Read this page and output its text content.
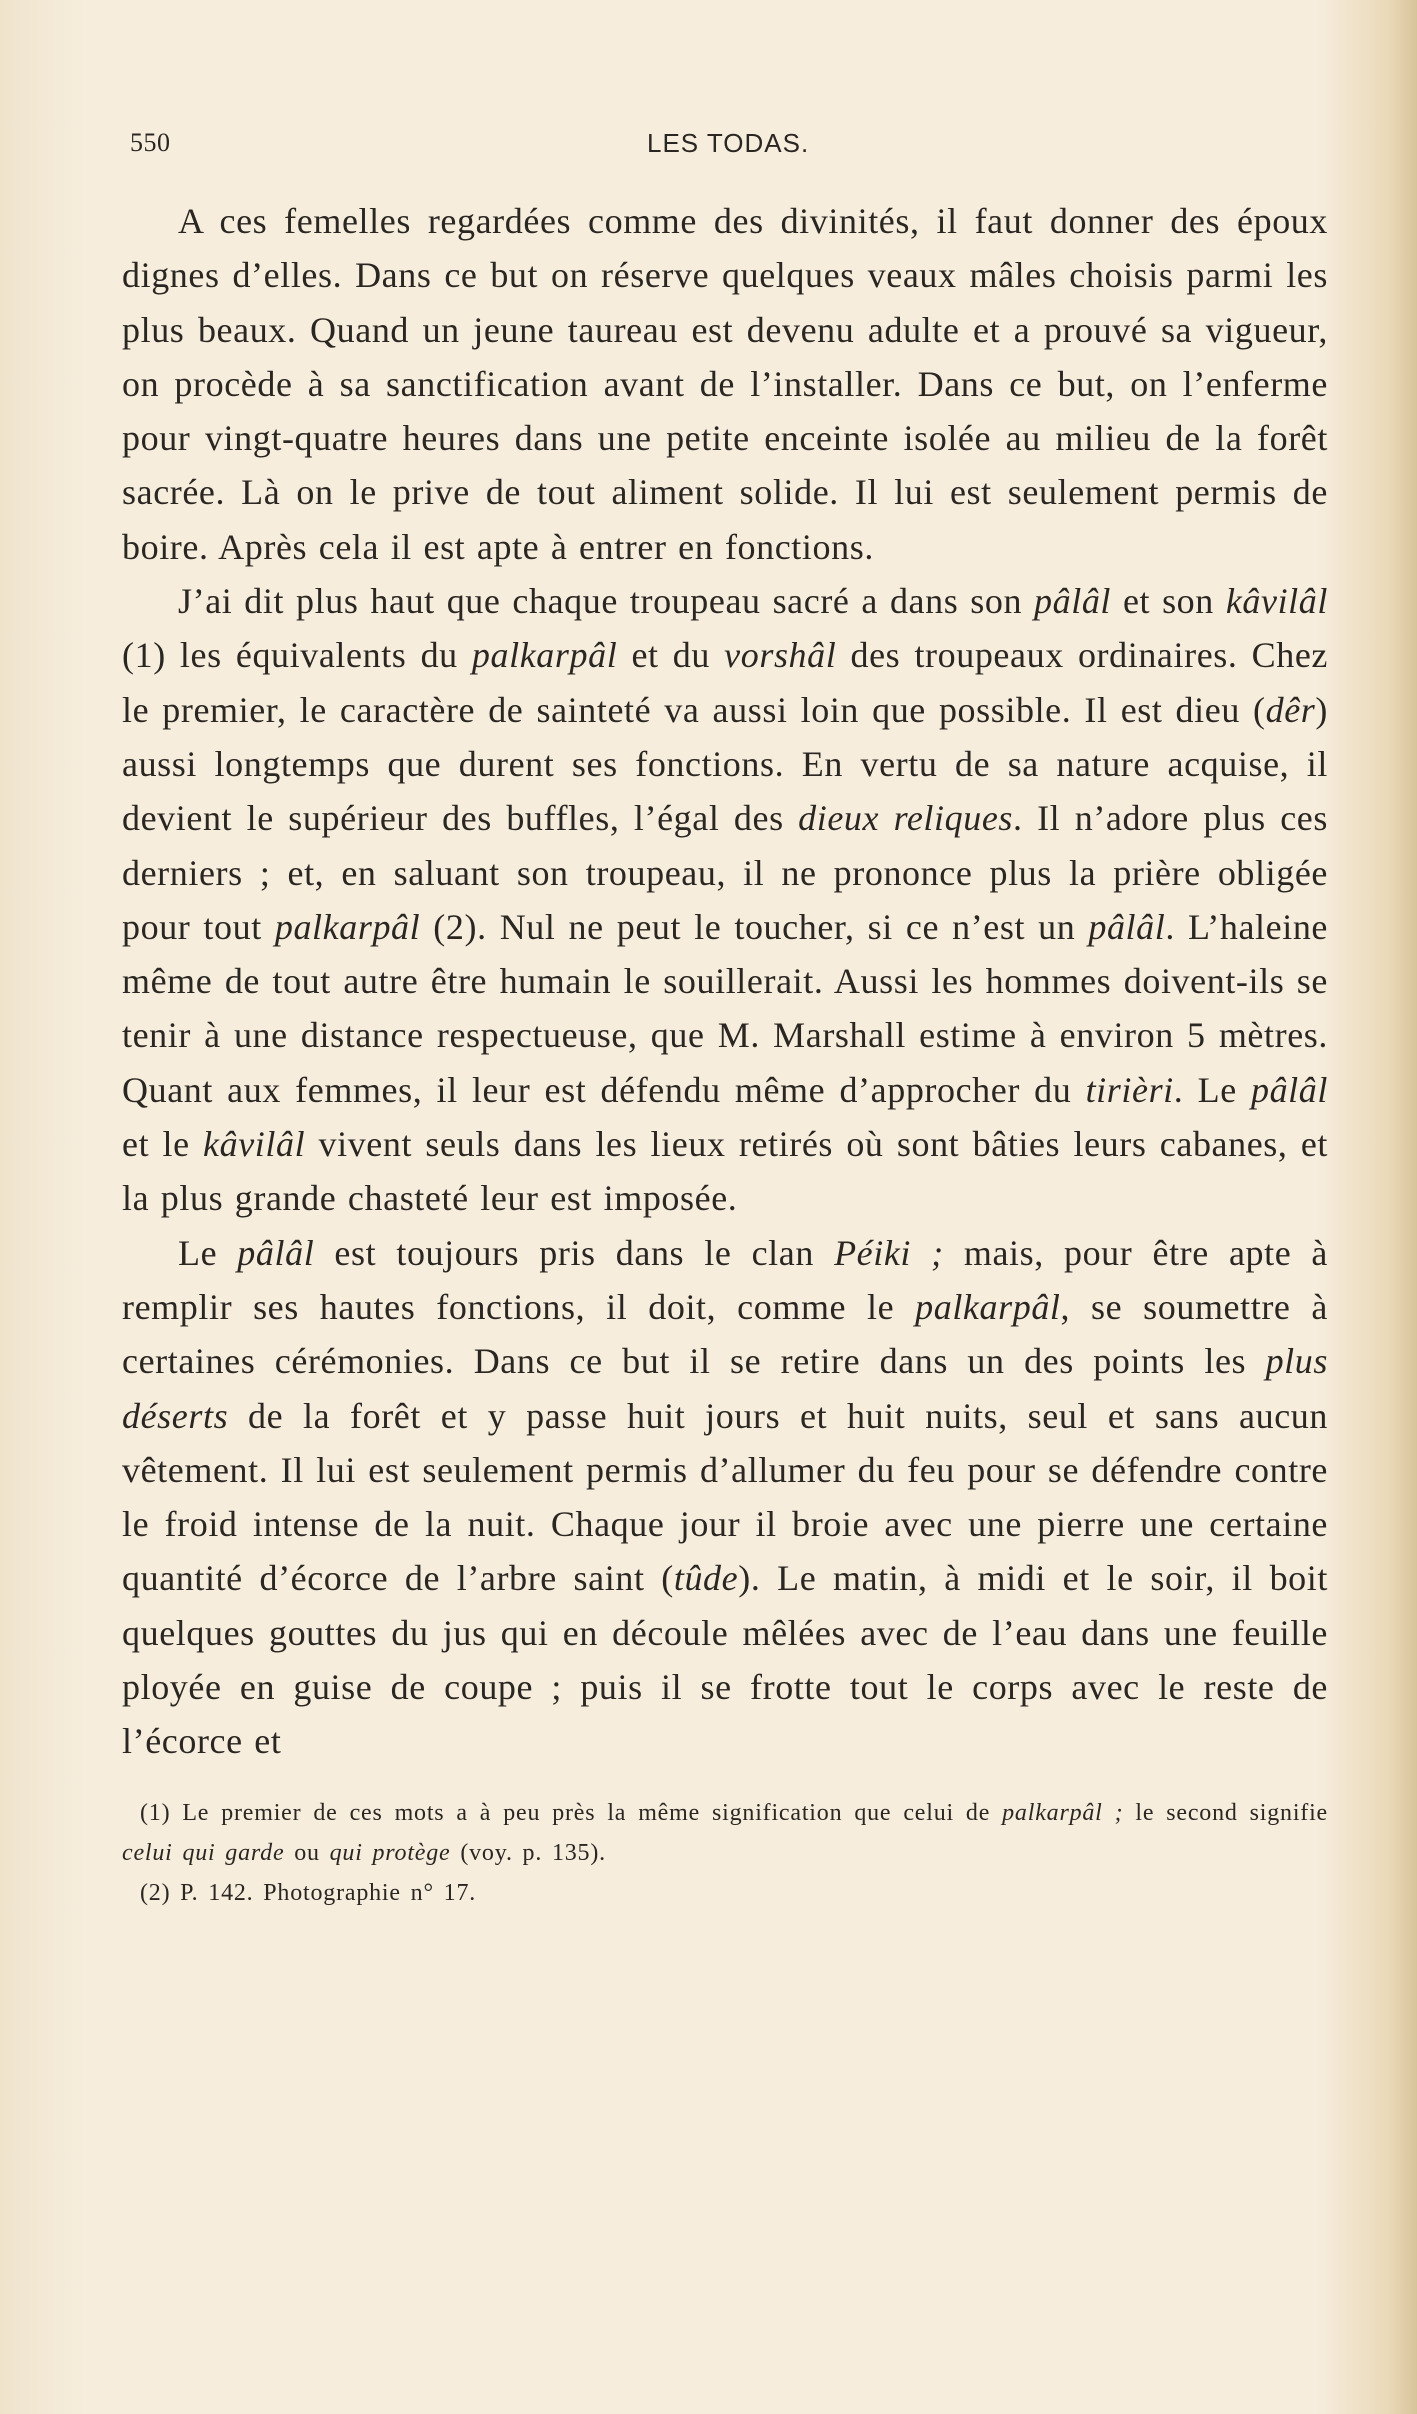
550	LES TODAS.

A ces femelles regardées comme des divinités, il faut donner des époux dignes d’elles. Dans ce but on réserve quelques veaux mâles choisis parmi les plus beaux. Quand un jeune taureau est devenu adulte et a prouvé sa vigueur, on procède à sa sanctification avant de l’installer. Dans ce but, on l’enferme pour vingt-quatre heures dans une petite enceinte isolée au milieu de la forêt sacrée. Là on le prive de tout aliment solide. Il lui est seulement permis de boire. Après cela il est apte à entrer en fonctions.

J’ai dit plus haut que chaque troupeau sacré a dans son pâlâl et son kâvilâl (1) les équivalents du palkarpâl et du vorshâl des troupeaux ordinaires. Chez le premier, le caractère de sainteté va aussi loin que possible. Il est dieu (dêr) aussi longtemps que durent ses fonctions. En vertu de sa nature acquise, il devient le supérieur des buffles, l’égal des dieux reliques. Il n’adore plus ces derniers ; et, en saluant son troupeau, il ne prononce plus la prière obligée pour tout palkarpâl (2). Nul ne peut le toucher, si ce n’est un pâlâl. L’haleine même de tout autre être humain le souillerait. Aussi les hommes doivent-ils se tenir à une distance respectueuse, que M. Marshall estime à environ 5 mètres. Quant aux femmes, il leur est défendu même d’approcher du tirièri. Le pâlâl et le kâvilâl vivent seuls dans les lieux retirés où sont bâties leurs cabanes, et la plus grande chasteté leur est imposée.

Le pâlâl est toujours pris dans le clan Péiki ; mais, pour être apte à remplir ses hautes fonctions, il doit, comme le palkarpâl, se soumettre à certaines cérémonies. Dans ce but il se retire dans un des points les plus déserts de la forêt et y passe huit jours et huit nuits, seul et sans aucun vêtement. Il lui est seulement permis d’allumer du feu pour se défendre contre le froid intense de la nuit. Chaque jour il broie avec une pierre une certaine quantité d’écorce de l’arbre saint (tûde). Le matin, à midi et le soir, il boit quelques gouttes du jus qui en découle mêlées avec de l’eau dans une feuille ployée en guise de coupe ; puis il se frotte tout le corps avec le reste de l’écorce et

(1) Le premier de ces mots a à peu près la même signification que celui de palkarpâl ; le second signifie celui qui garde ou qui protège (voy. p. 135).

(2) P. 142. Photographie n° 17.
